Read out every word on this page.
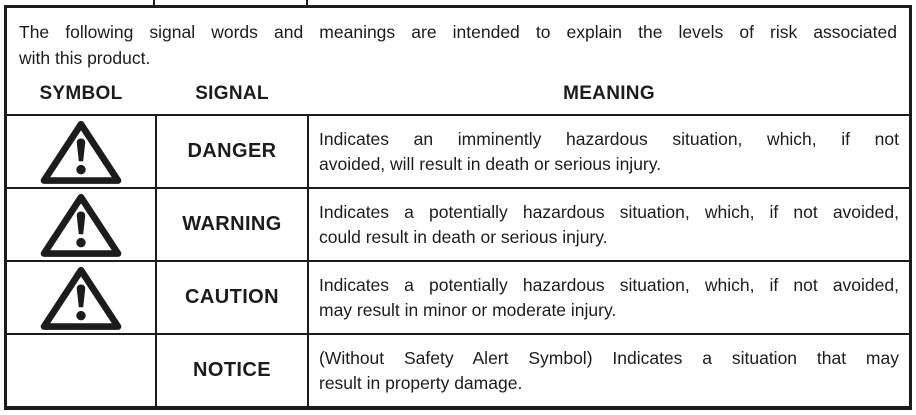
The following signal words and meanings are intended to explain the levels of risk associated
with this product.
SYMBOL	SIGNAL	MEANING
DANGER
Indicates an imminently hazardous situation, which, if not
avoided, will result in death or serious injury.
WARNING
Indicates a potentially hazardous situation, which, if not avoided,
could result in death or serious injury.
CAUTION
Indicates a potentially hazardous situation, which, if not avoided,
may result in minor or moderate injury.
NOTICE
(Without Safety Alert Symbol) Indicates a situation that may
result in property damage.
